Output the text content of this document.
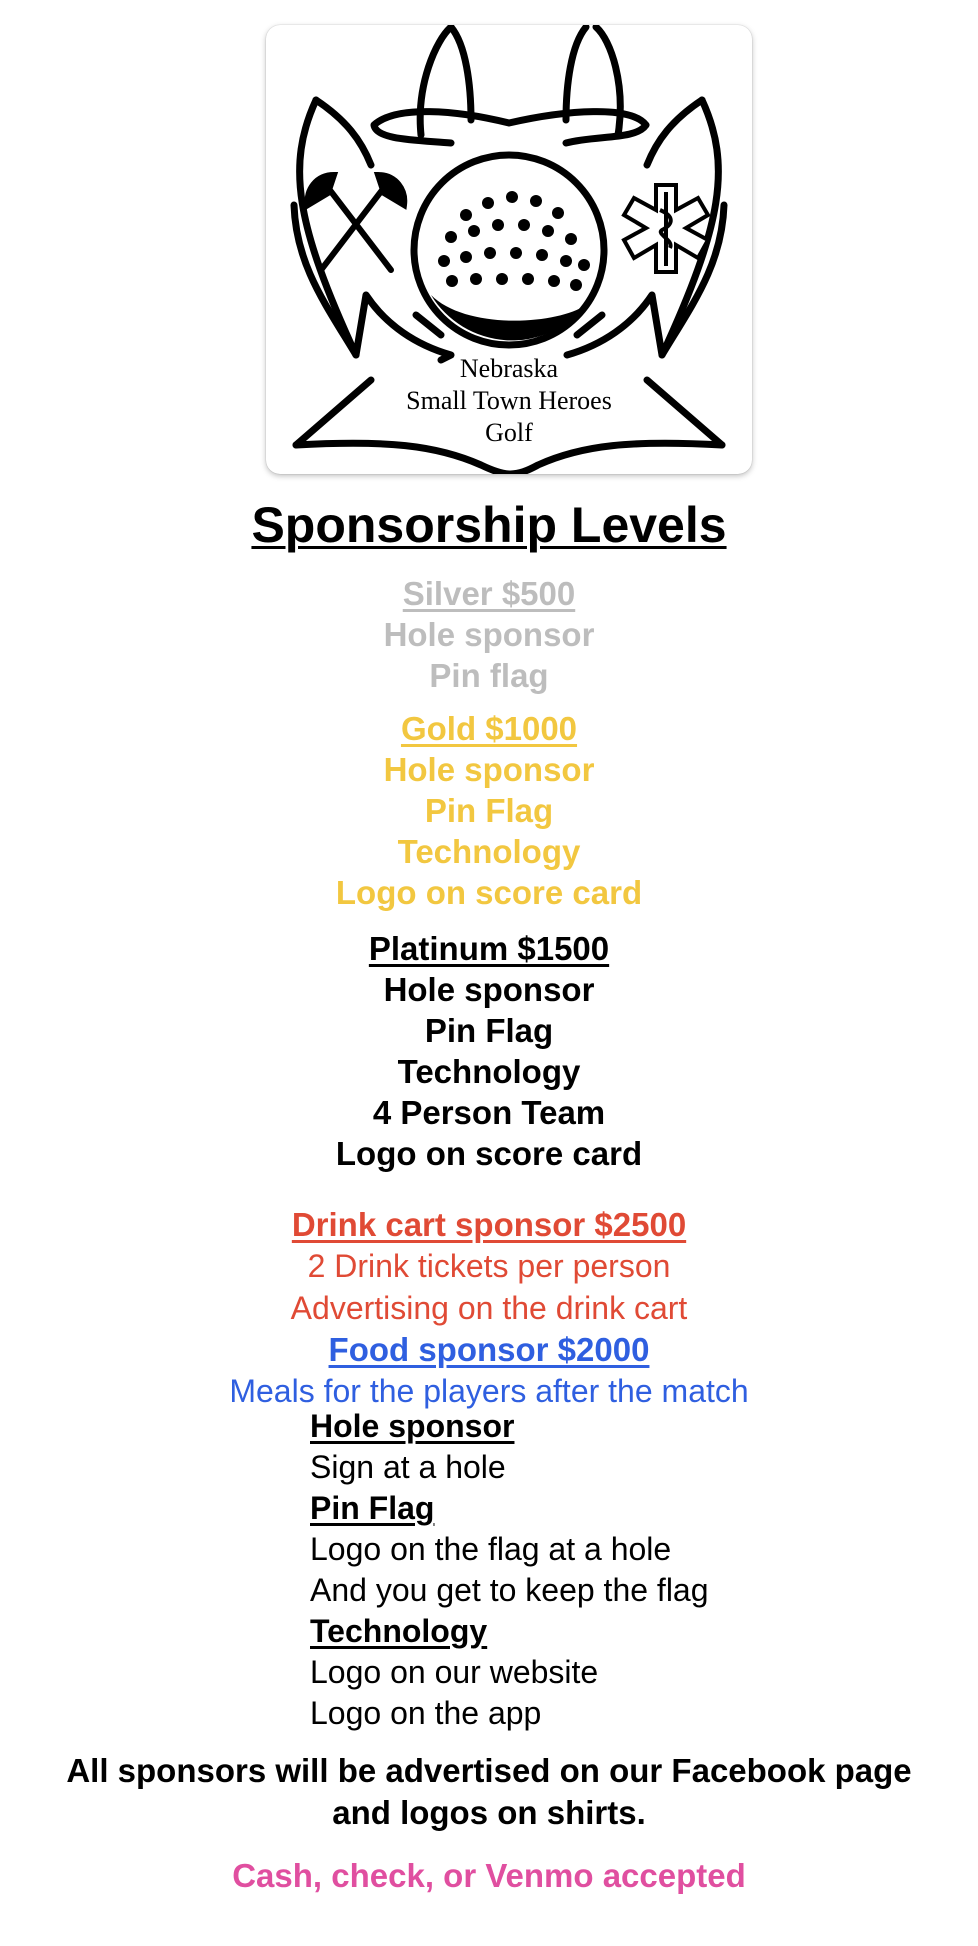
Nebraska
Small Town Heroes
Golf
Sponsorship Levels
Silver $500
Hole sponsor
Pin flag
Gold $1000
Hole sponsor
Pin Flag
Technology
Logo on score card
Platinum $1500
Hole sponsor
Pin Flag
Technology
4 Person Team
Logo on score card
Drink cart sponsor $2500
2 Drink tickets per person
Advertising on the drink cart
Food sponsor $2000
Meals for the players after the match
Hole sponsor
Sign at a hole
Pin Flag
Logo on the flag at a hole
And you get to keep the flag
Technology
Logo on our website
Logo on the app
All sponsors will be advertised on our Facebook page
and logos on shirts.
Cash, check, or Venmo accepted
